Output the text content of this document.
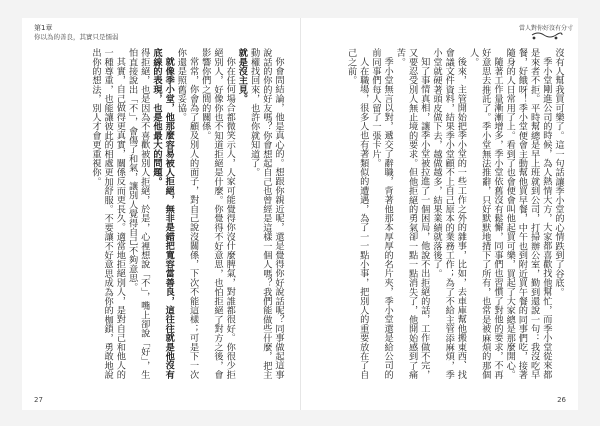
第1章
你以為的善良，其實只是懦弱

你會問結論，他是真心的。想跟你親近呢，還是覺得你好說話呢？同事做起這事說話的你的好友嗎？你會想起自己也曾經是這樣一個人嗎？我們能做些什麼，把主動權找回來，也許你就知道了。

就是沒主見。

你在任何場合都微笑示人，人家可能覺得你沒什麼脾氣，對誰都很好。你很少拒絕別人，好像你也不知道拒絕是什麼。你覺得不好意思，也怕拒絕了對方之後，會影響你們之間的關係。

常常，你會為了顧及別人的面子，對自己說沒關係，下次不能這樣；可是下一次你還是照舊妥協。

就像季小堂，他那麼容易被人拒絕，無非是錯把寬容當善良，這往往就是他沒有底線的表現，也是他最大的問題。

得拒絕，也是因為不喜歡被別人拒絕，於是，心裡想說「不」，嘴上卻說「好」，生怕直接說出「不」，會傷了和氣，讓別人覺得自己不夠意思。

其實，自己做得更真實，關係反而更長久。適當地拒絕別人，是對自己和他人的一種尊重，也能讓彼此的相處更加舒服。不要讓不好意思成為你的枷鎖，勇敢地說出你的想法，別人才會更重視你。

27
當人對你好沒有分寸

沒有人幫我買可樂了。這一句話讓季小堂的心情跌到了谷底。

季小堂剛進公司的時候，為人熱情大方，大家都喜歡找他幫忙，而季小堂從來都是來者不拒。平時幫總是早上班就到公司，打掃辦公室，勤到還說一句：我沒吃早餐，好餓呀！季小堂便會主動幫他買早餐，中午也到附近買午餐的同事們吃，接著隨身的人日常用了上。看到了也會便會叫他起買可樂，買起了大家總是那麼開心。

隨著工作量漸漸增多，季小堂依舊沒有鬆懈，同事們也習慣了對他的要求，不再好意思去推託了。季小堂無法推辭，只好默默地揹下了所有，也常是被麻煩的那個人。

後來，主管開始把季小堂的一些工作之外的雜事，比如，去車庫幫他搬東西、找會議文件資料，結果季小堂顧不上自己原本的業務工作；為了不給主管添麻煩，季小堂就硬著頭皮做下去，越做越多，結果業績就落後了。

知了事情真相，讓季小堂被拉進了一個困局，他說不出拒絕的話，工作做不完，又要忍受別人無止境的要求。但他拒絕的勇氣卻一點一點消失了，他開始感到了痛苦。

季小堂無言以對，遞交了辭職，背著他那本厚厚的名片夾，季小堂還是給公司的前同事們每人留了一張卡片。

人在職場，很多人也有著類似的遭遇，為了一一點小事，把別人的重要放在了自己之前。

26
